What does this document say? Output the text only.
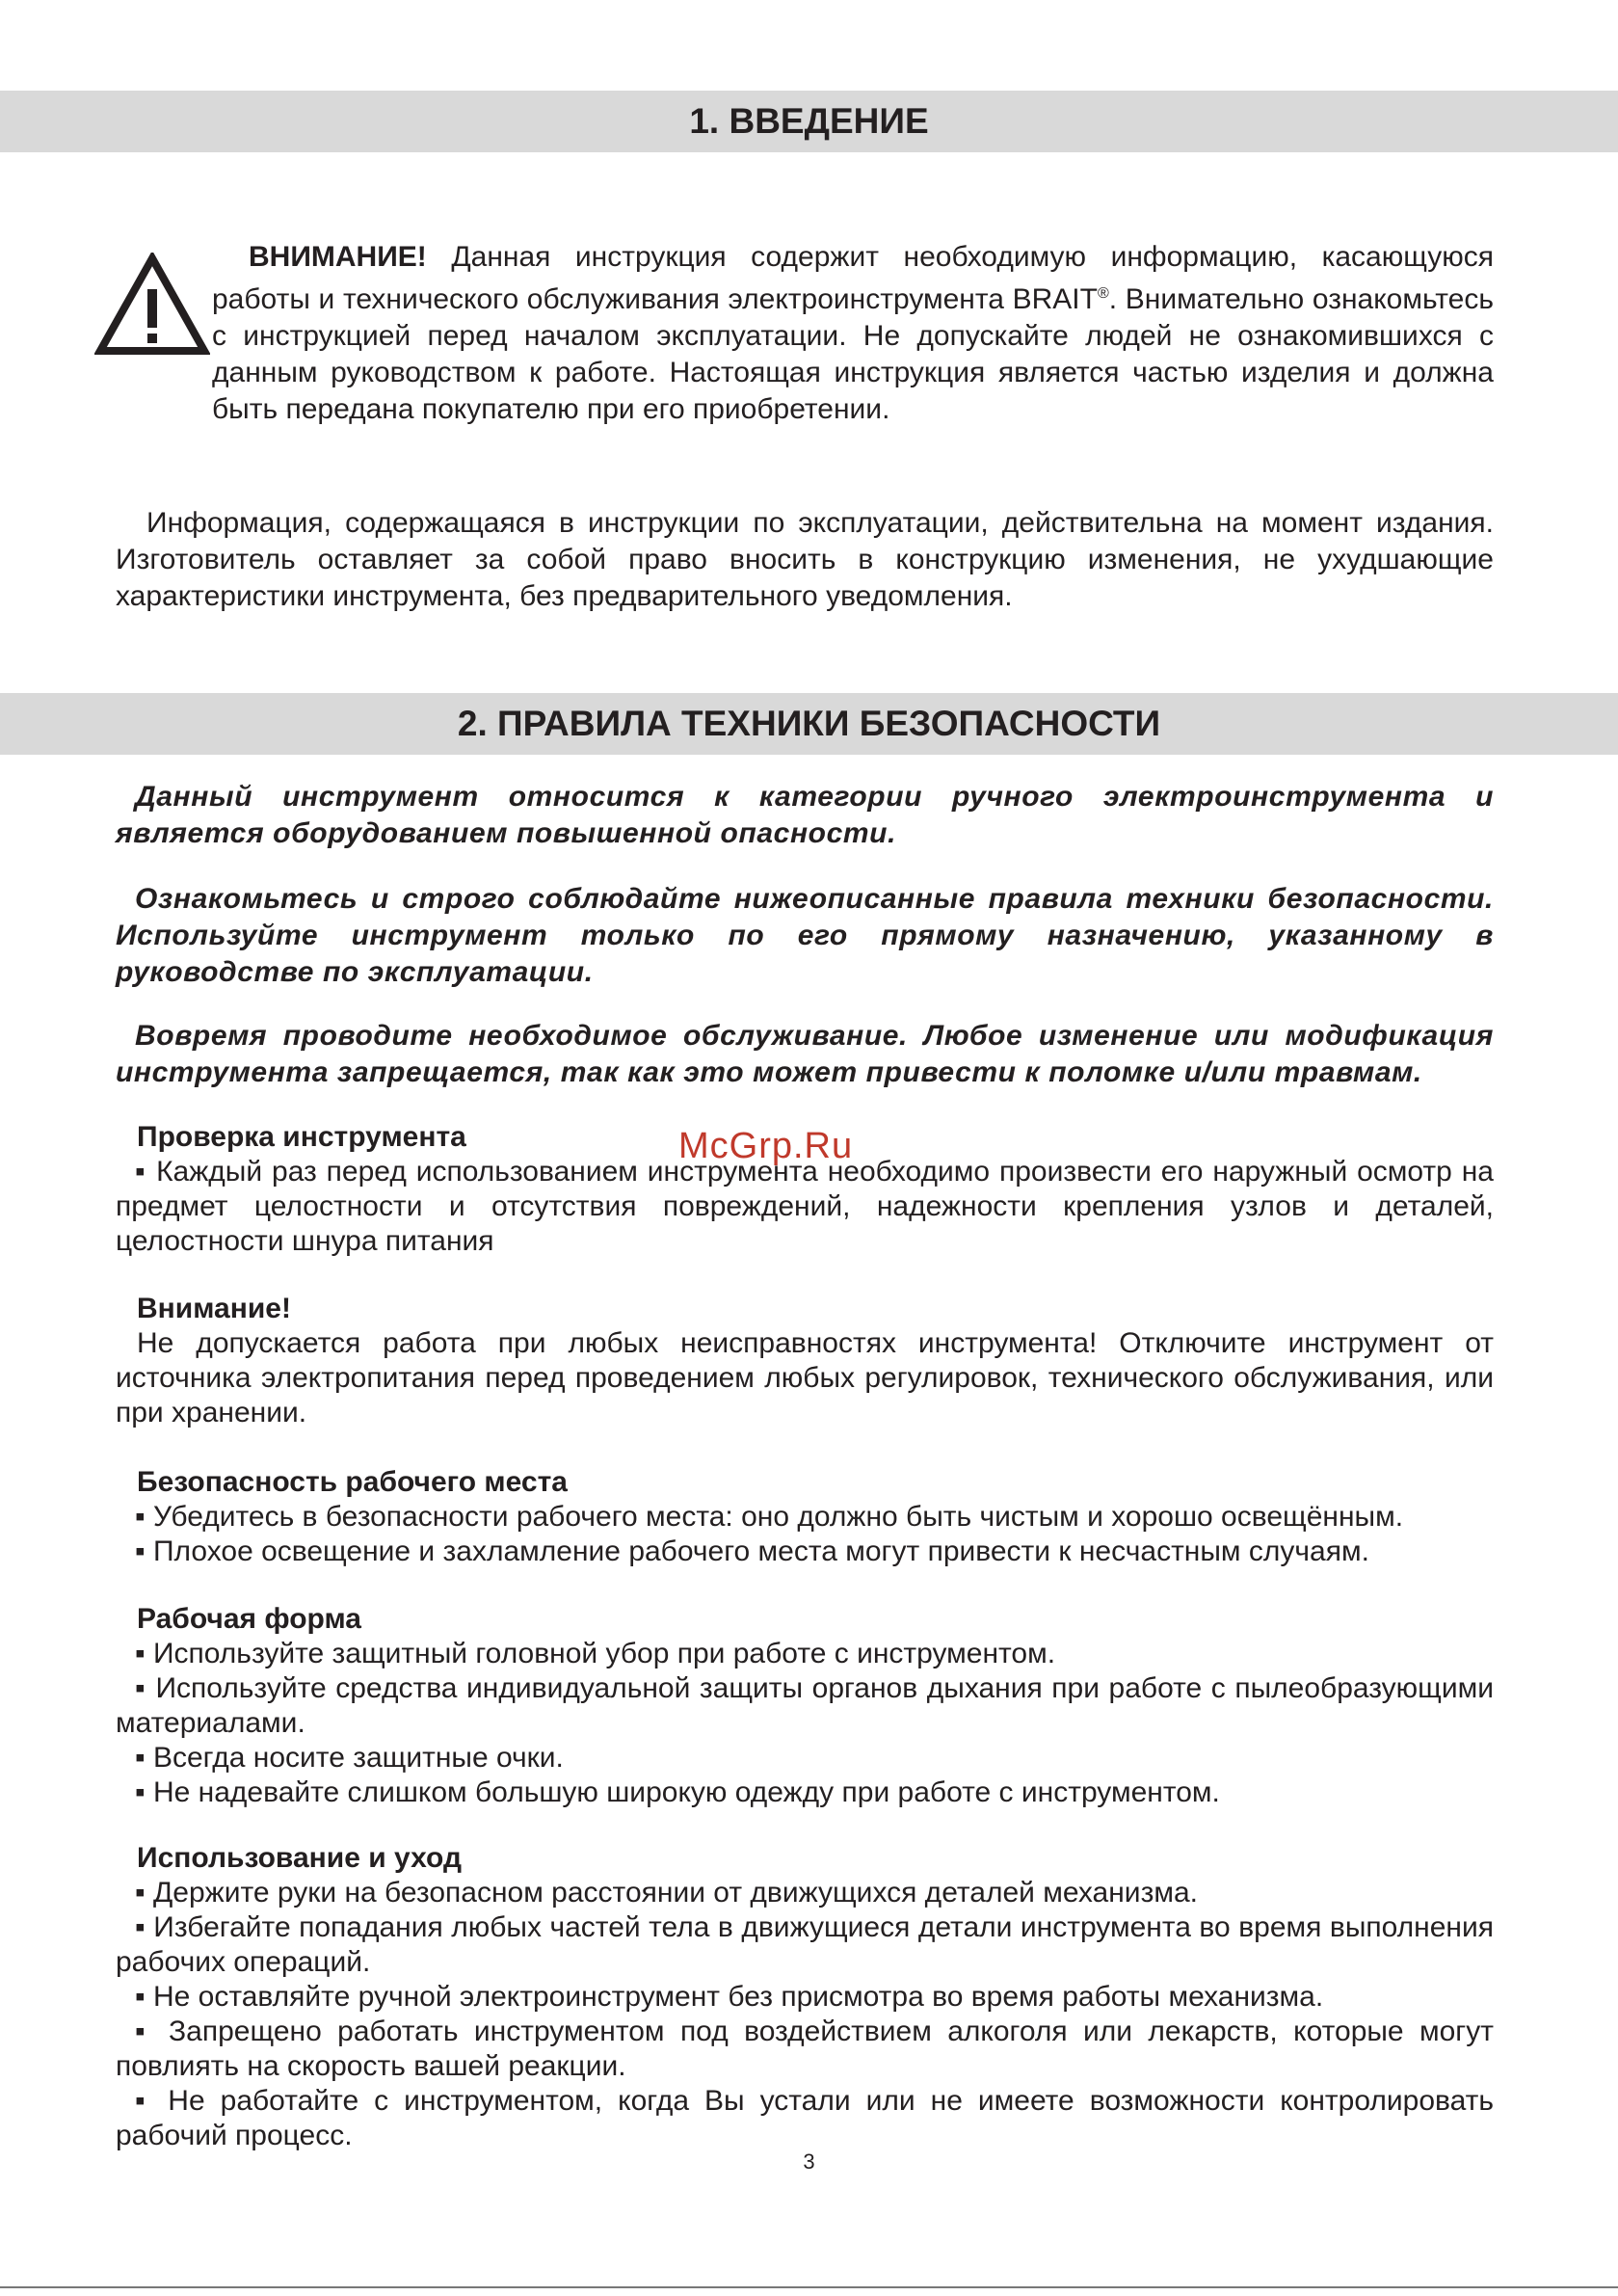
1. ВВЕДЕНИЕ

ВНИМАНИЕ! Данная инструкция содержит необходимую информацию, касающуюся работы и технического обслуживания электроинструмента BRAIT®. Внимательно ознакомьтесь с инструкцией перед началом эксплуатации. Не допускайте людей не ознакомившихся с данным руководством к работе. Настоящая инструкция является частью изделия и должна быть передана покупателю при его приобретении.

Информация, содержащаяся в инструкции по эксплуатации, действительна на момент издания. Изготовитель оставляет за собой право вносить в конструкцию изменения, не ухудшающие характеристики инструмента, без предварительного уведомления.

2. ПРАВИЛА ТЕХНИКИ БЕЗОПАСНОСТИ

Данный инструмент относится к категории ручного электроинструмента и является оборудованием повышенной опасности.

Ознакомьтесь и строго соблюдайте нижеописанные правила техники безопасности. Используйте инструмент только по его прямому назначению, указанному в руководстве по эксплуатации.

Вовремя проводите необходимое обслуживание. Любое изменение или модификация инструмента запрещается, так как это может привести к поломке и/или травмам.

Проверка инструмента

▪ Каждый раз перед использованием инструмента необходимо произвести его наружный осмотр на предмет целостности и отсутствия повреждений, надежности крепления узлов и деталей, целостности шнура питания

McGrp.Ru

Внимание!

Не допускается работа при любых неисправностях инструмента! Отключите инструмент от источника электропитания перед проведением любых регулировок, технического обслуживания, или при хранении.

Безопасность рабочего места

▪ Убедитесь в безопасности рабочего места: оно должно быть чистым и хорошо освещённым.

▪ Плохое освещение и захламление рабочего места могут привести к несчастным случаям.

Рабочая форма

▪ Используйте защитный головной убор при работе с инструментом.

▪ Используйте средства индивидуальной защиты органов дыхания при работе с пылеобразующими материалами.

▪ Всегда носите защитные очки.

▪ Не надевайте слишком большую широкую одежду при работе с инструментом.

Использование и уход

▪ Держите руки на безопасном расстоянии от движущихся деталей механизма.

▪ Избегайте попадания любых частей тела в движущиеся детали инструмента во время выполнения рабочих операций.

▪ Не оставляйте ручной электроинструмент без присмотра во время работы механизма.

▪ Запрещено работать инструментом под воздействием алкоголя или лекарств, которые могут повлиять на скорость вашей реакции.

▪ Не работайте с инструментом, когда Вы устали или не имеете возможности контролировать рабочий процесс.

3
